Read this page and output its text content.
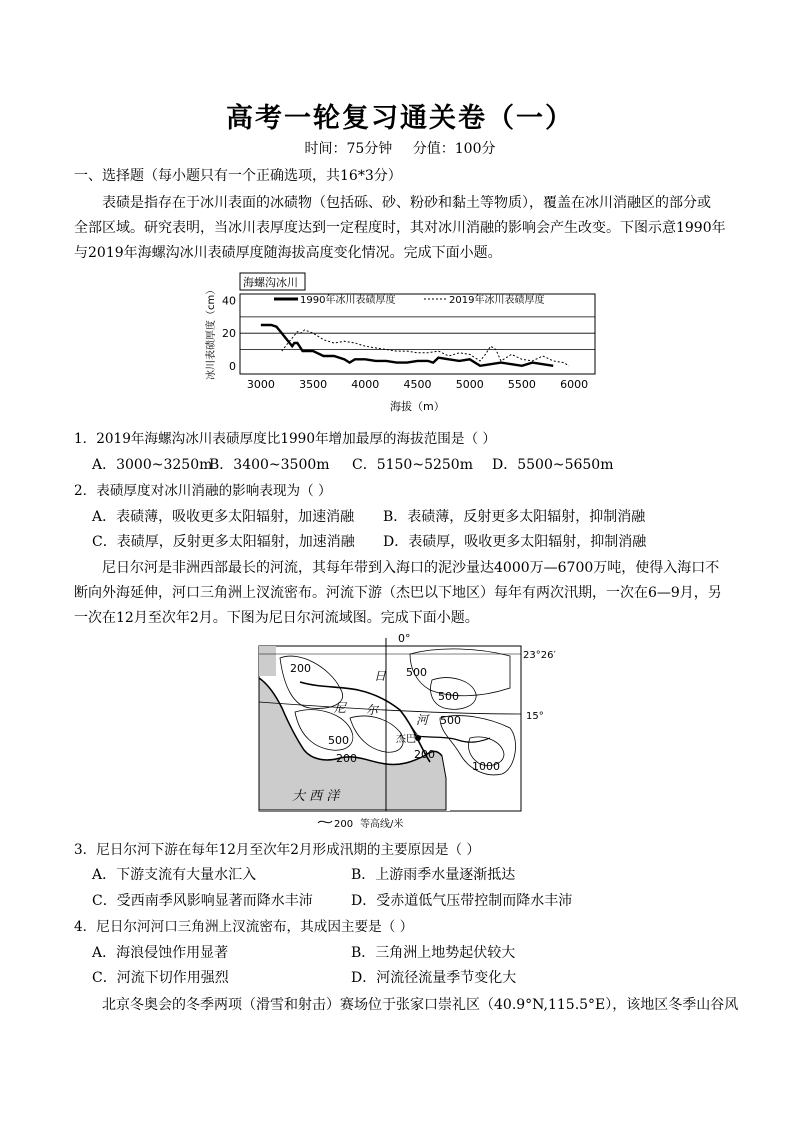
高考一轮复习通关卷（一）
时间：75分钟 分值：100分
一、选择题（每小题只有一个正确选项，共16*3分）
表碛是指存在于冰川表面的冰碛物（包括砾、砂、粉砂和黏土等物质），覆盖在冰川消融区的部分或
全部区域。研究表明，当冰川表厚度达到一定程度时，其对冰川消融的影响会产生改变。下图示意1990年
与2019年海螺沟冰川表碛厚度随海拔高度变化情况。完成下面小题。
海螺沟冰川
冰川表碛厚度（cm）
海拔（m）
0
20
40
3000 3500 4000 4500 5000 5500 6000
1990年冰川表碛厚度	2019年冰川表碛厚度
1．2019年海螺沟冰川表碛厚度比1990年增加最厚的海拔范围是（ ）
A．3000~3250m
B．3400~3500m C．5150~5250m D．5500~5650m
2．表碛厚度对冰川消融的影响表现为（ ）
A．表碛薄，吸收更多太阳辐射，加速消融 B．表碛薄，反射更多太阳辐射，抑制消融
C．表碛厚，反射更多太阳辐射，加速消融 D．表碛厚，吸收更多太阳辐射，抑制消融
尼日尔河是非洲西部最长的河流，其每年带到入海口的泥沙量达4000万—6700万吨，使得入海口不
断向外海延伸，河口三角洲上汊流密布。河流下游（杰巴以下地区）每年有两次汛期，一次在6—9月，另
一次在12月至次年2月。下图为尼日尔河流域图。完成下面小题。
0°
23°26′
15°
200	500
500
500
500
200
200
1000
日
尼 尔
河
杰巴
大 西 洋
200 等高线/米
3．尼日尔河下游在每年12月至次年2月形成汛期的主要原因是（ ）
A．下游支流有大量水汇入	B．上游雨季水量逐渐抵达
C．受西南季风影响显著而降水丰沛	D．受赤道低气压带控制而降水丰沛
4．尼日尔河河口三角洲上汊流密布，其成因主要是（ ）
A．海浪侵蚀作用显著	B．三角洲上地势起伏较大
C．河流下切作用强烈	D．河流径流量季节变化大
北京冬奥会的冬季两项（滑雪和射击）赛场位于张家口崇礼区（40.9°N,115.5°E），该地区冬季山谷风
